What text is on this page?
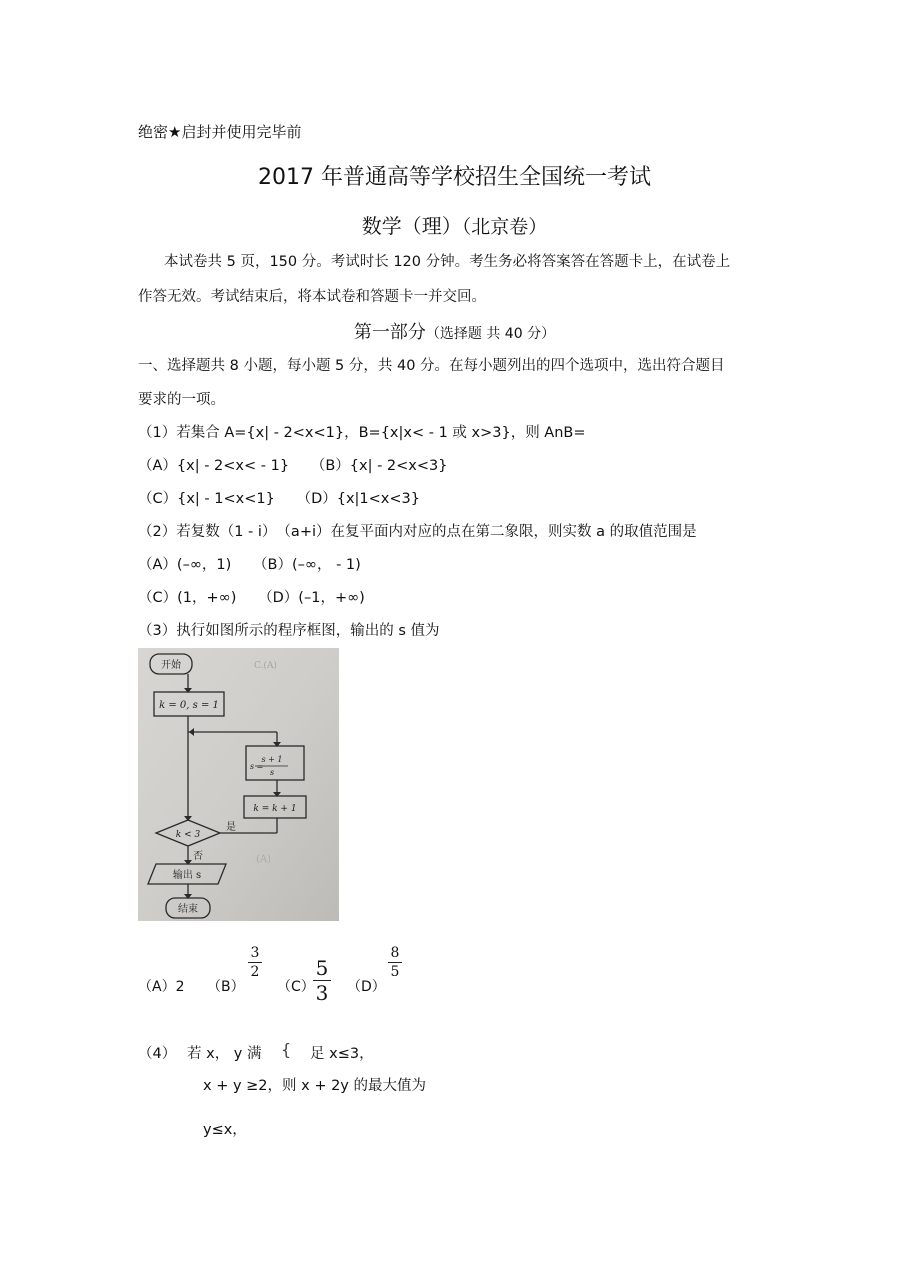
绝密★启封并使用完毕前
2017 年普通高等学校招生全国统一考试
数学（理）（北京卷）
本试卷共 5 页，150 分。考试时长 120 分钟。考生务必将答案答在答题卡上，在试卷上
作答无效。考试结束后，将本试卷和答题卡一并交回。
第一部分（选择题 共 40 分）
一、选择题共 8 小题，每小题 5 分，共 40 分。在每小题列出的四个选项中，选出符合题目
要求的一项。
（1）若集合 A={x| - 2<x<1}，B={x|x< - 1 或 x>3}，则 AnB=
（A）{x| - 2<x< - 1}　　（B）{x| - 2<x<3}
（C）{x| - 1<x<1}　　（D）{x|1<x<3}
（2）若复数（1 - i）　（a+i）在复平面内对应的点在第二象限，则实数 a 的取值范围是
（A）(–∞，1)　　（B）(–∞， - 1)
（C）(1，+∞)　　（D）(–1，+∞)
（3）执行如图所示的程序框图，输出的 s 值为
开始
k = 0, s = 1
s =
s + 1
s
k = k + 1
k < 3
是
否
输出 s
结束
C.(A)
(A)
（A）2 （B）
3
2
（C）
5
3 （D）
8
5
（4） 若 x， y 满 { 足 x≤3，
x + y ≥2，则 x + 2y 的最大值为
y≤x，
